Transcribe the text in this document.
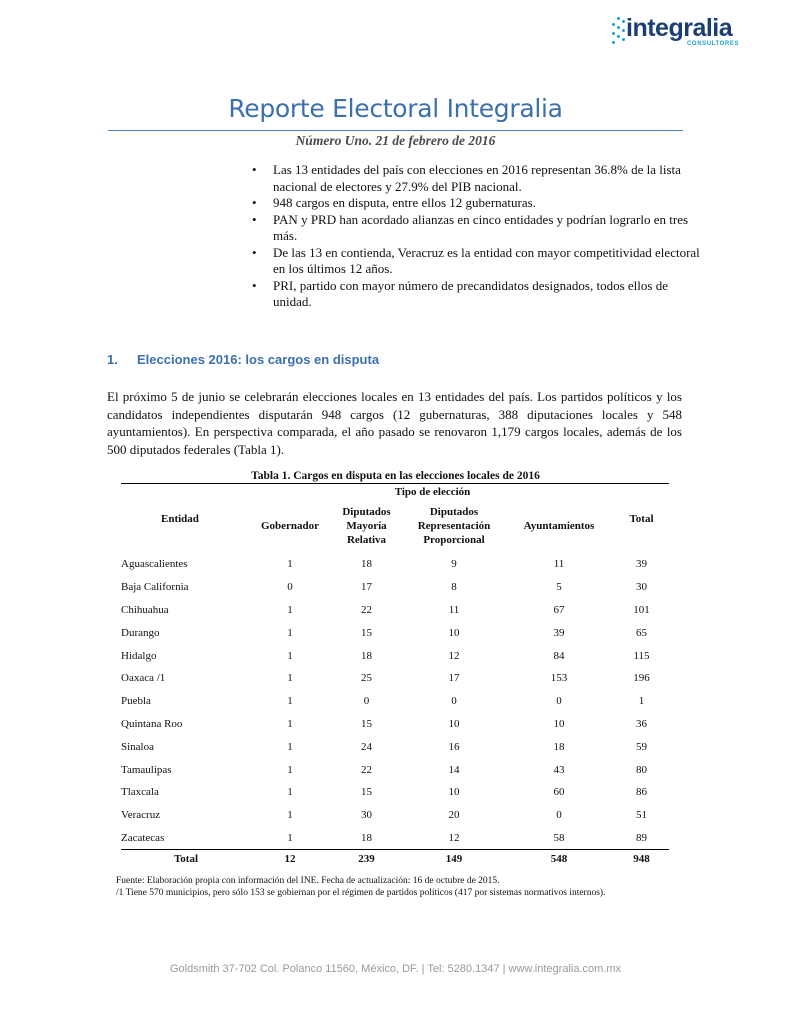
integralia
CONSULTORES
Reporte Electoral Integralia
Número Uno. 21 de febrero de 2016
• Las 13 entidades del país con elecciones en 2016 representan 36.8% de la lista nacional de electores y 27.9% del PIB nacional.
• 948 cargos en disputa, entre ellos 12 gubernaturas.
• PAN y PRD han acordado alianzas en cinco entidades y podrían lograrlo en tres más.
• De las 13 en contienda, Veracruz es la entidad con mayor competitividad electoral en los últimos 12 años.
• PRI, partido con mayor número de precandidatos designados, todos ellos de unidad.
1. Elecciones 2016: los cargos en disputa

El próximo 5 de junio se celebrarán elecciones locales en 13 entidades del país. Los partidos políticos y los candidatos independientes disputarán 948 cargos (12 gubernaturas, 388 diputaciones locales y 548 ayuntamientos). En perspectiva comparada, el año pasado se renovaron 1,179 cargos locales, además de los 500 diputados federales (Tabla 1).

Tabla 1. Cargos en disputa en las elecciones locales de 2016
Entidad	Tipo de elección				Total
	Gobernador	Diputados Mayoría Relativa	Diputados Representación Proporcional	Ayuntamientos	
Aguascalientes	1	18	9	11	39
Baja California	0	17	8	5	30
Chihuahua	1	22	11	67	101
Durango	1	15	10	39	65
Hidalgo	1	18	12	84	115
Oaxaca /1	1	25	17	153	196
Puebla	1	0	0	0	1
Quintana Roo	1	15	10	10	36
Sinaloa	1	24	16	18	59
Tamaulipas	1	22	14	43	80
Tlaxcala	1	15	10	60	86
Veracruz	1	30	20	0	51
Zacatecas	1	18	12	58	89
Total	12	239	149	548	948
Fuente: Elaboración propia con información del INE. Fecha de actualización: 16 de octubre de 2015.
/1 Tiene 570 municipios, pero sólo 153 se gobiernan por el régimen de partidos políticos (417 por sistemas normativos internos).
Goldsmith 37-702 Col. Polanco 11560, México, DF. | Tel: 5280.1347 | www.integralia.com.mx
